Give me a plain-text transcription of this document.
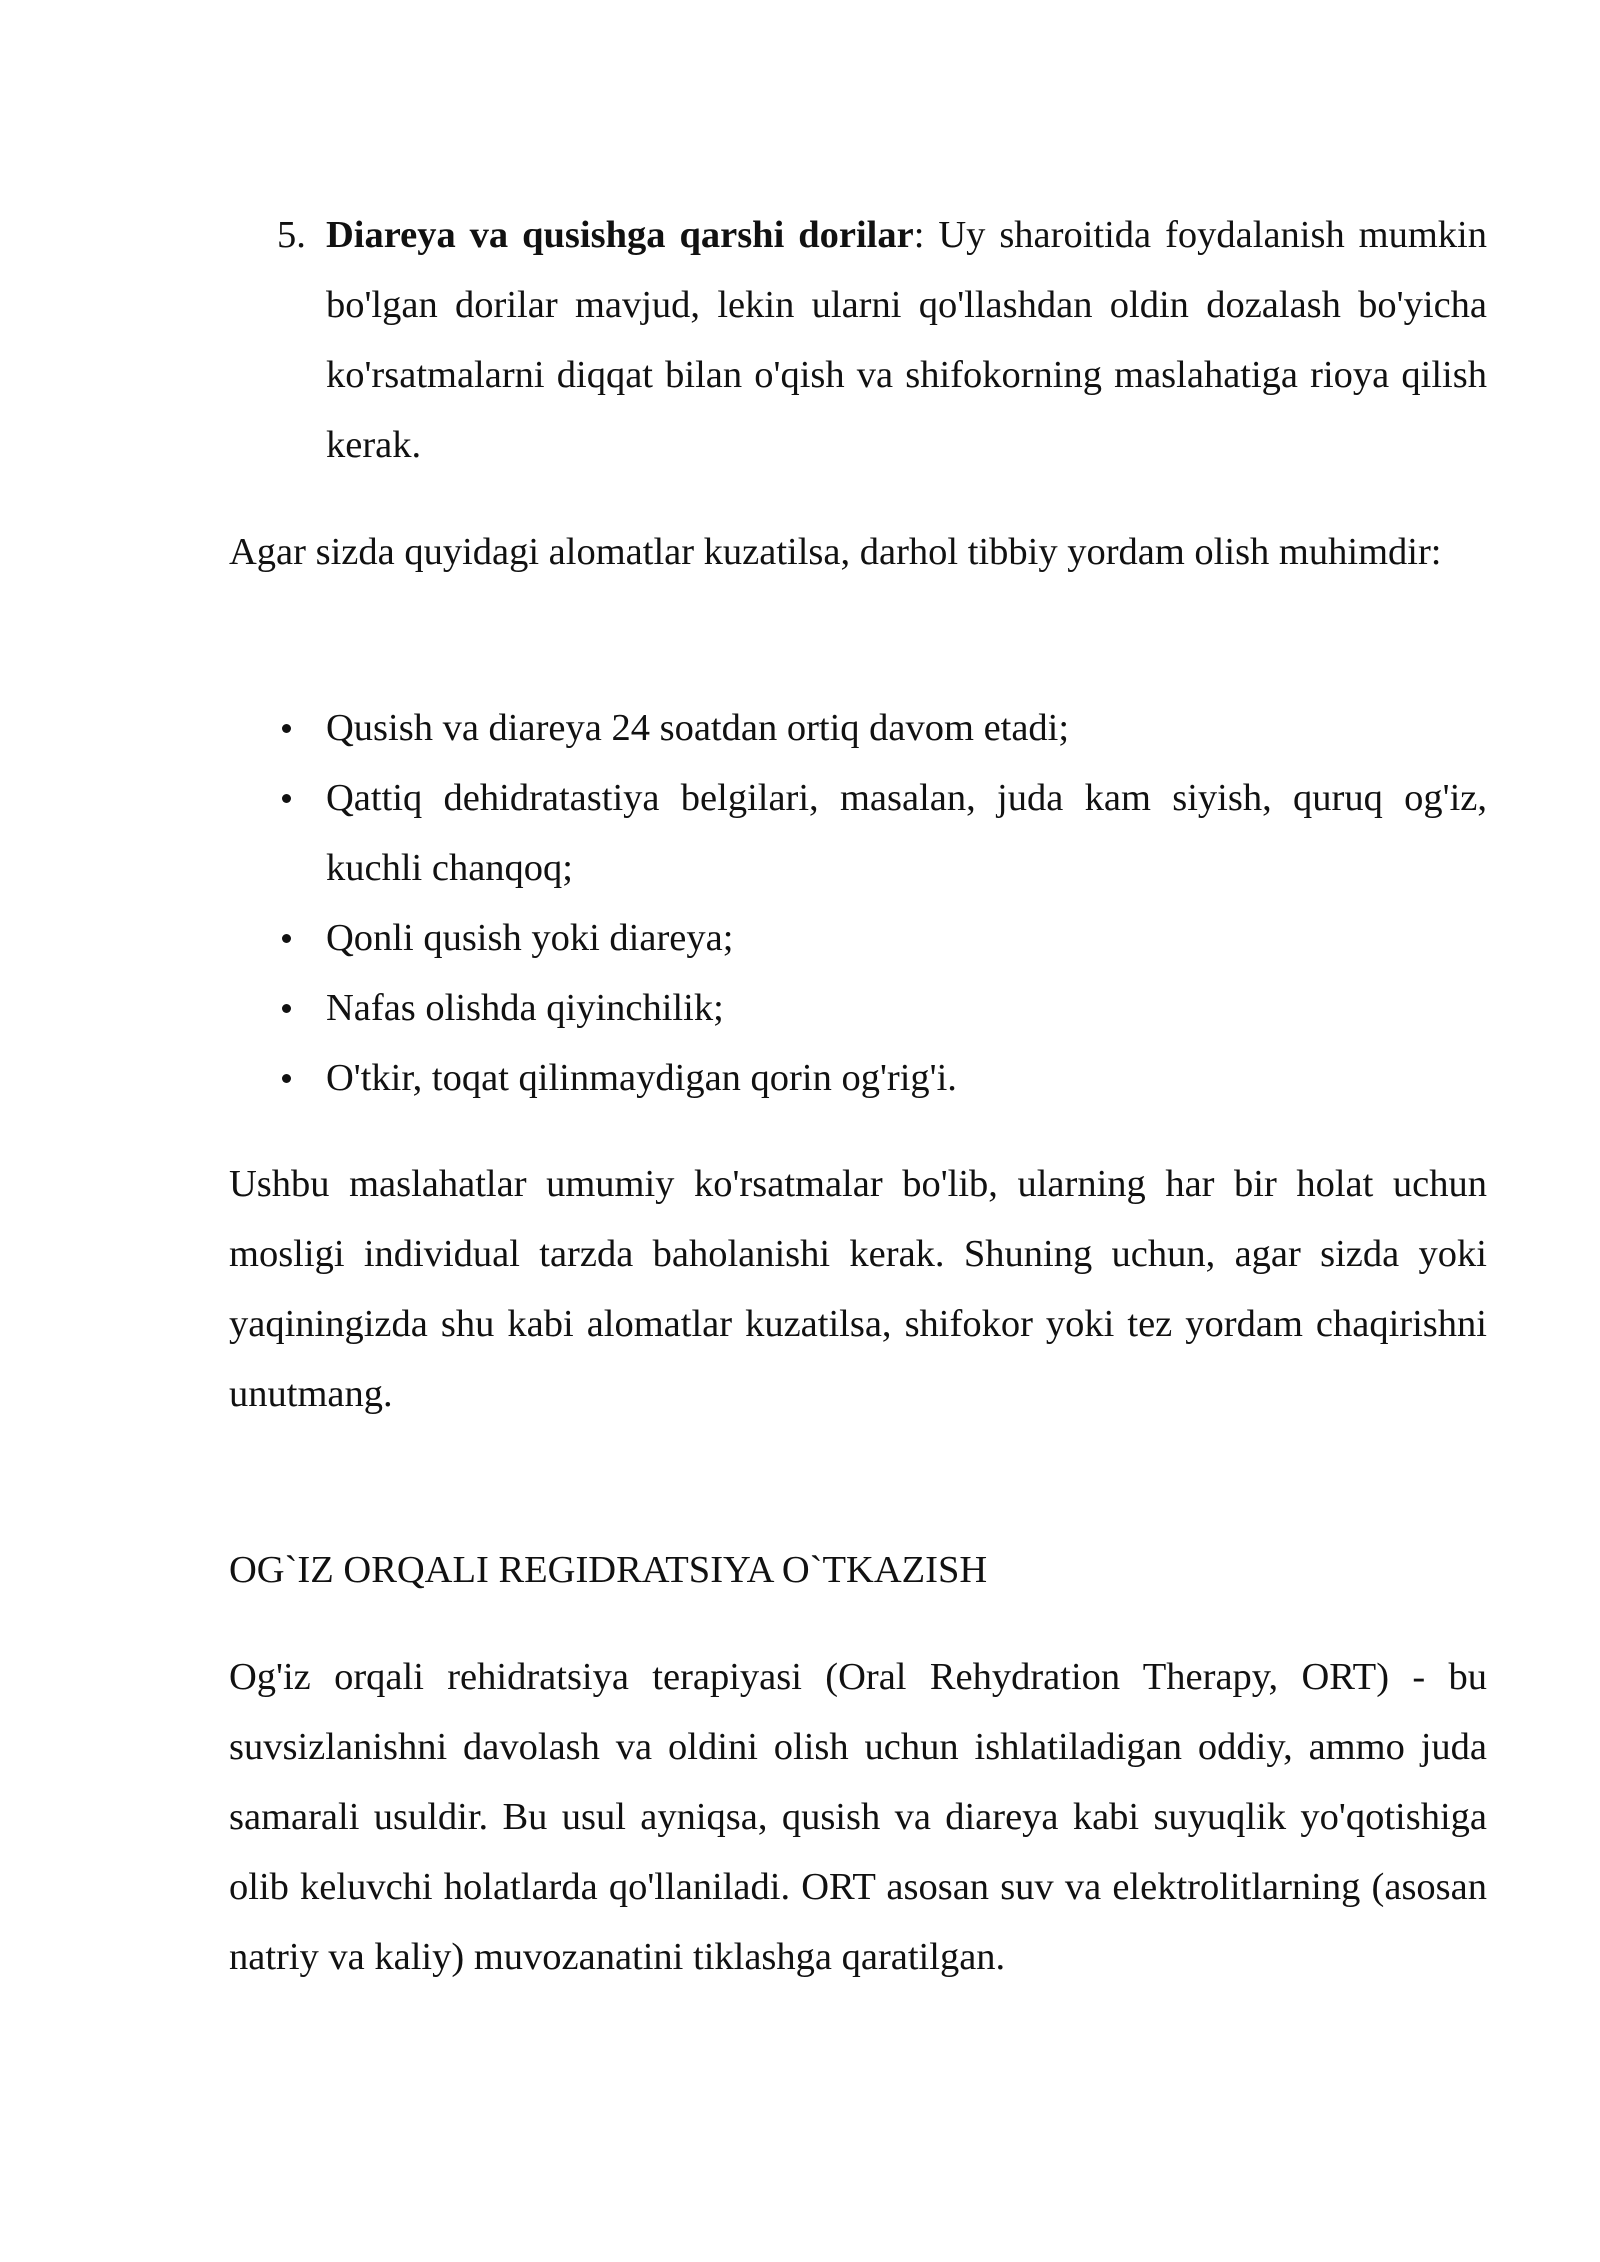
5. Diareya va qusishga qarshi dorilar: Uy sharoitida foydalanish mumkin bo'lgan dorilar mavjud, lekin ularni qo'llashdan oldin dozalash bo'yicha ko'rsatmalarni diqqat bilan o'qish va shifokorning maslahatiga rioya qilish kerak.

Agar sizda quyidagi alomatlar kuzatilsa, darhol tibbiy yordam olish muhimdir:

Qusish va diareya 24 soatdan ortiq davom etadi;
Qattiq dehidratastiya belgilari, masalan, juda kam siyish, quruq og'iz, kuchli chanqoq;
Qonli qusish yoki diareya;
Nafas olishda qiyinchilik;
O'tkir, toqat qilinmaydigan qorin og'rig'i.

Ushbu maslahatlar umumiy ko'rsatmalar bo'lib, ularning har bir holat uchun mosligi individual tarzda baholanishi kerak. Shuning uchun, agar sizda yoki yaqiningizda shu kabi alomatlar kuzatilsa, shifokor yoki tez yordam chaqirishni unutmang.

OG`IZ ORQALI REGIDRATSIYA O`TKAZISH

Og'iz orqali rehidratsiya terapiyasi (Oral Rehydration Therapy, ORT) - bu suvsizlanishni davolash va oldini olish uchun ishlatiladigan oddiy, ammo juda samarali usuldir. Bu usul ayniqsa, qusish va diareya kabi suyuqlik yo'qotishiga olib keluvchi holatlarda qo'llaniladi. ORT asosan suv va elektrolitlarning (asosan natriy va kaliy) muvozanatini tiklashga qaratilgan.
